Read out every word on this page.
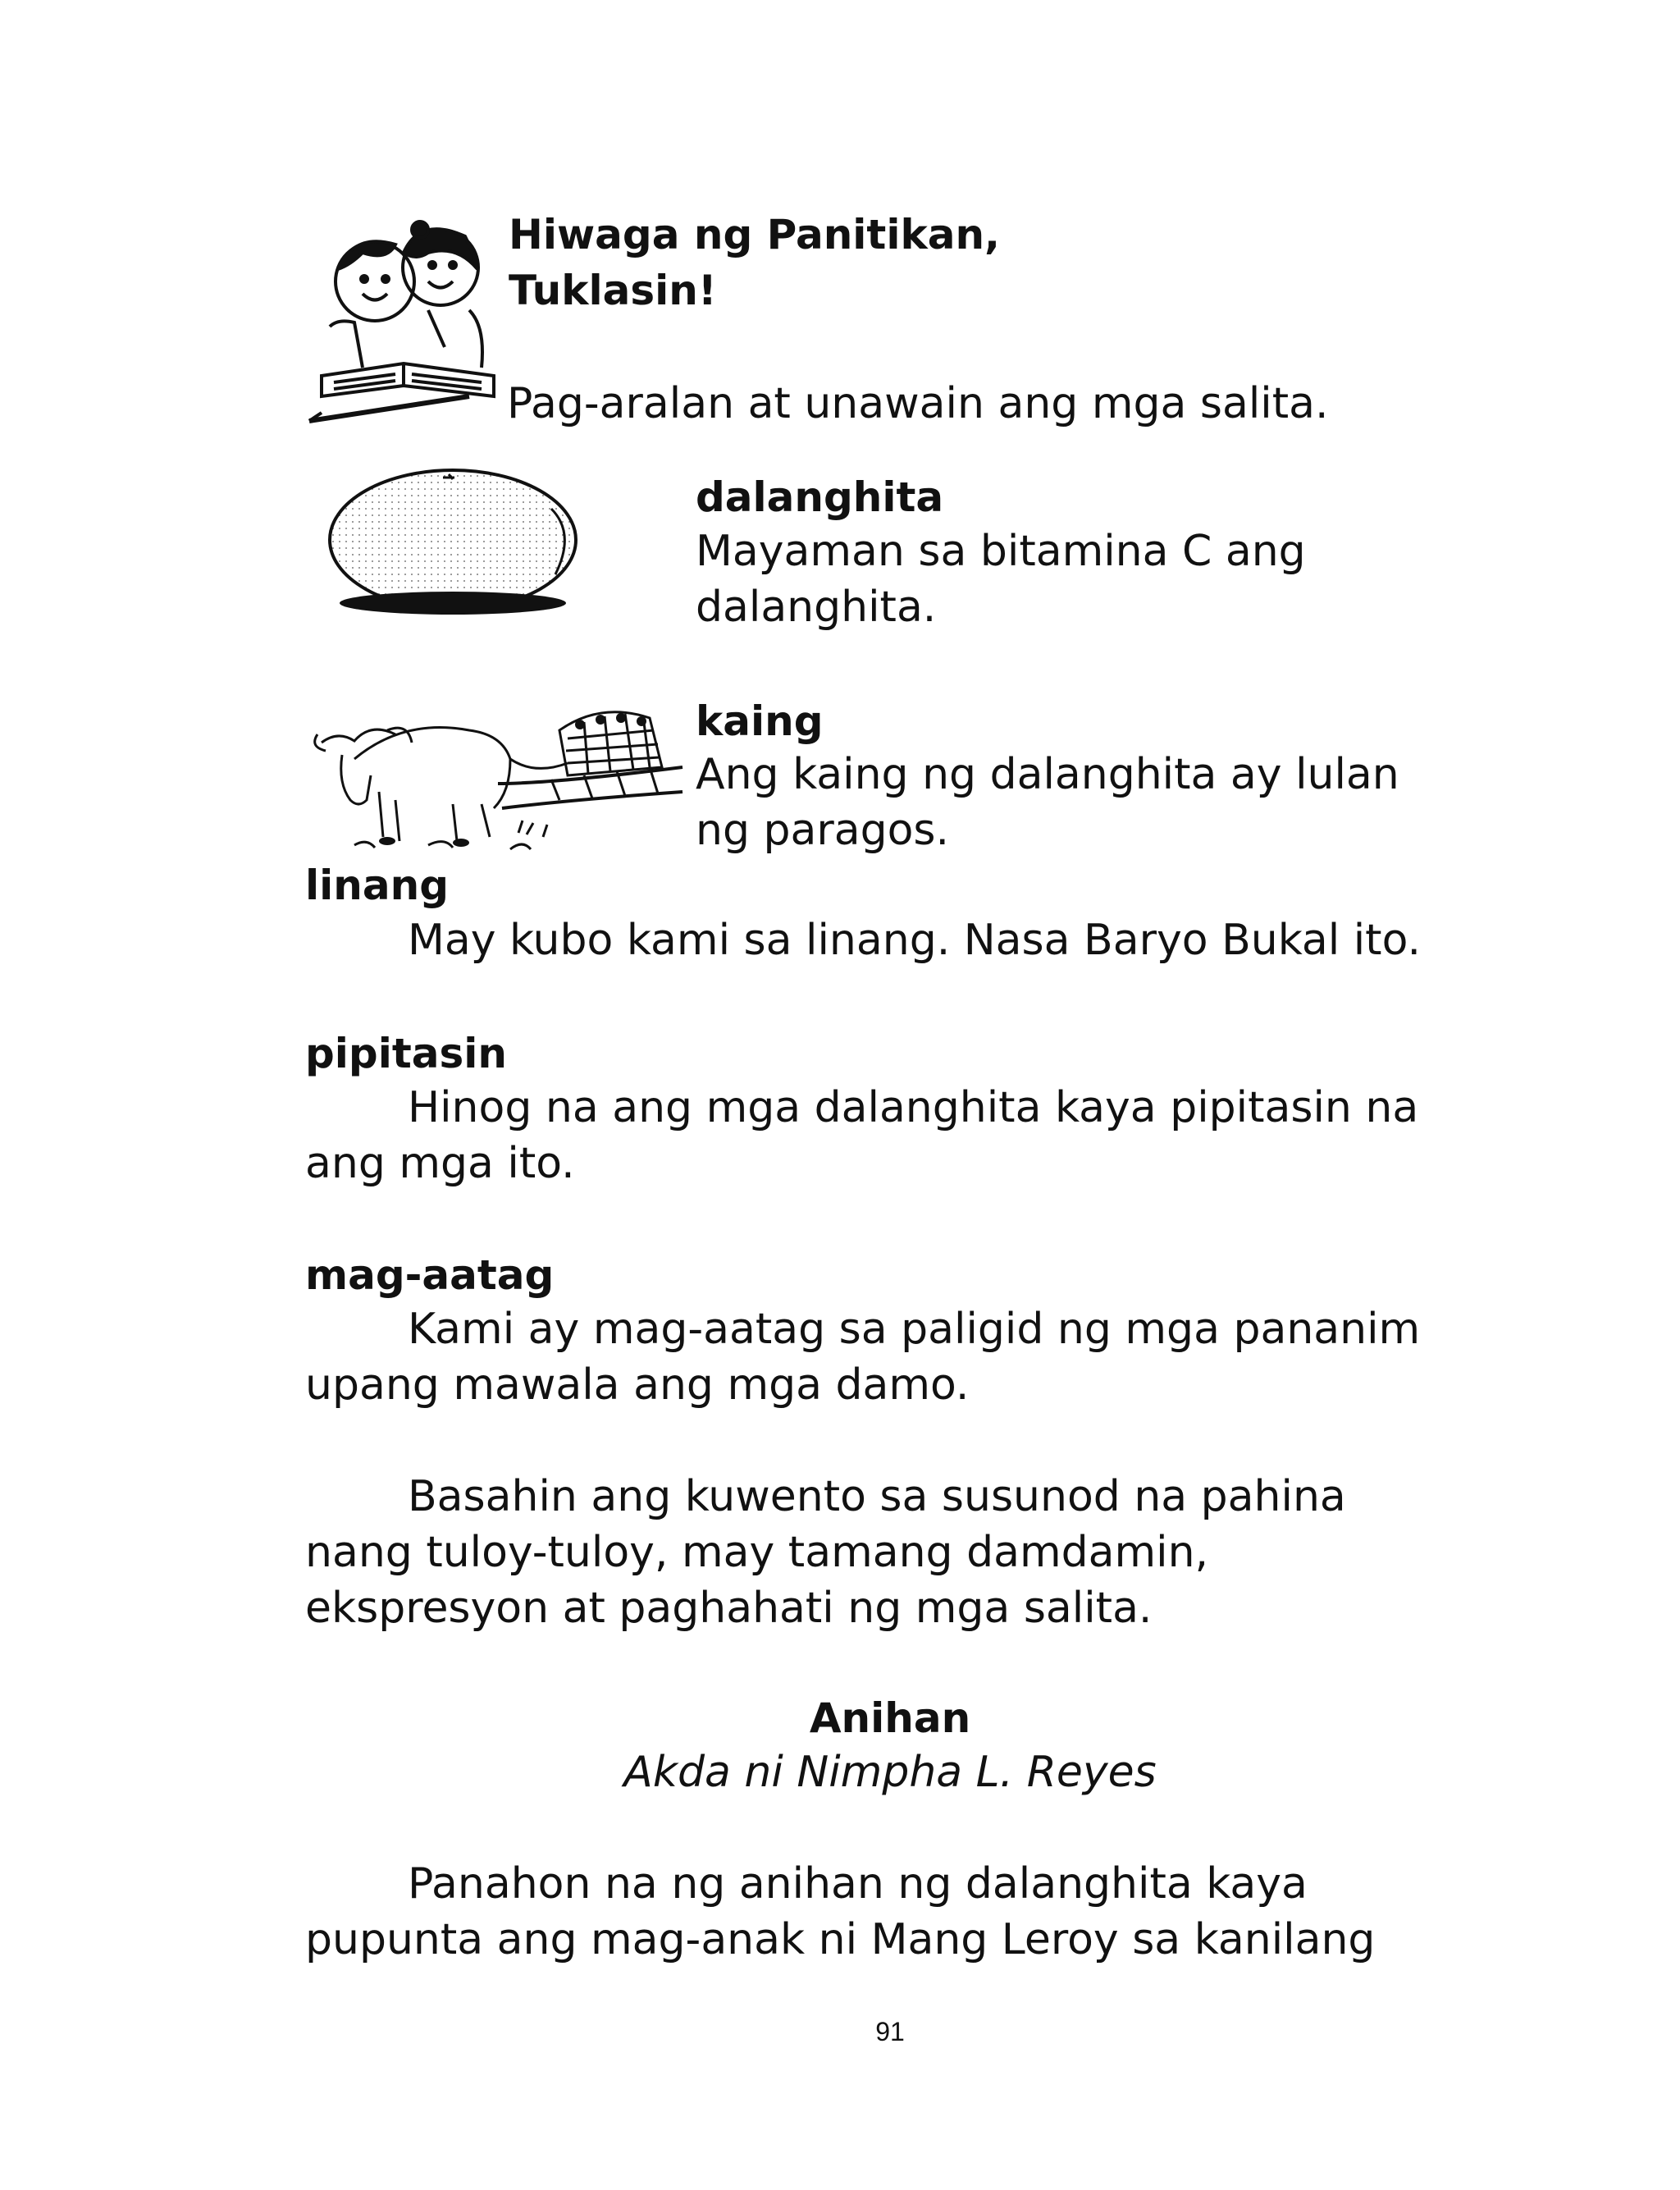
Hiwaga ng Panitikan,
Tuklasin!
Pag-aralan at unawain ang mga salita.
dalanghita
Mayaman sa bitamina C ang
dalanghita.
kaing
Ang kaing ng dalanghita ay lulan
ng paragos.
linang
May kubo kami sa linang. Nasa Baryo Bukal ito.
pipitasin
Hinog na ang mga dalanghita kaya pipitasin na
ang mga ito.
mag-aatag
Kami ay mag-aatag sa paligid ng mga pananim
upang mawala ang mga damo.
Basahin ang kuwento sa susunod na pahina
nang tuloy-tuloy, may tamang damdamin,
ekspresyon at paghahati ng mga salita.
Anihan
Akda ni Nimpha L. Reyes
Panahon na ng anihan ng dalanghita kaya
pupunta ang mag-anak ni Mang Leroy sa kanilang
91
